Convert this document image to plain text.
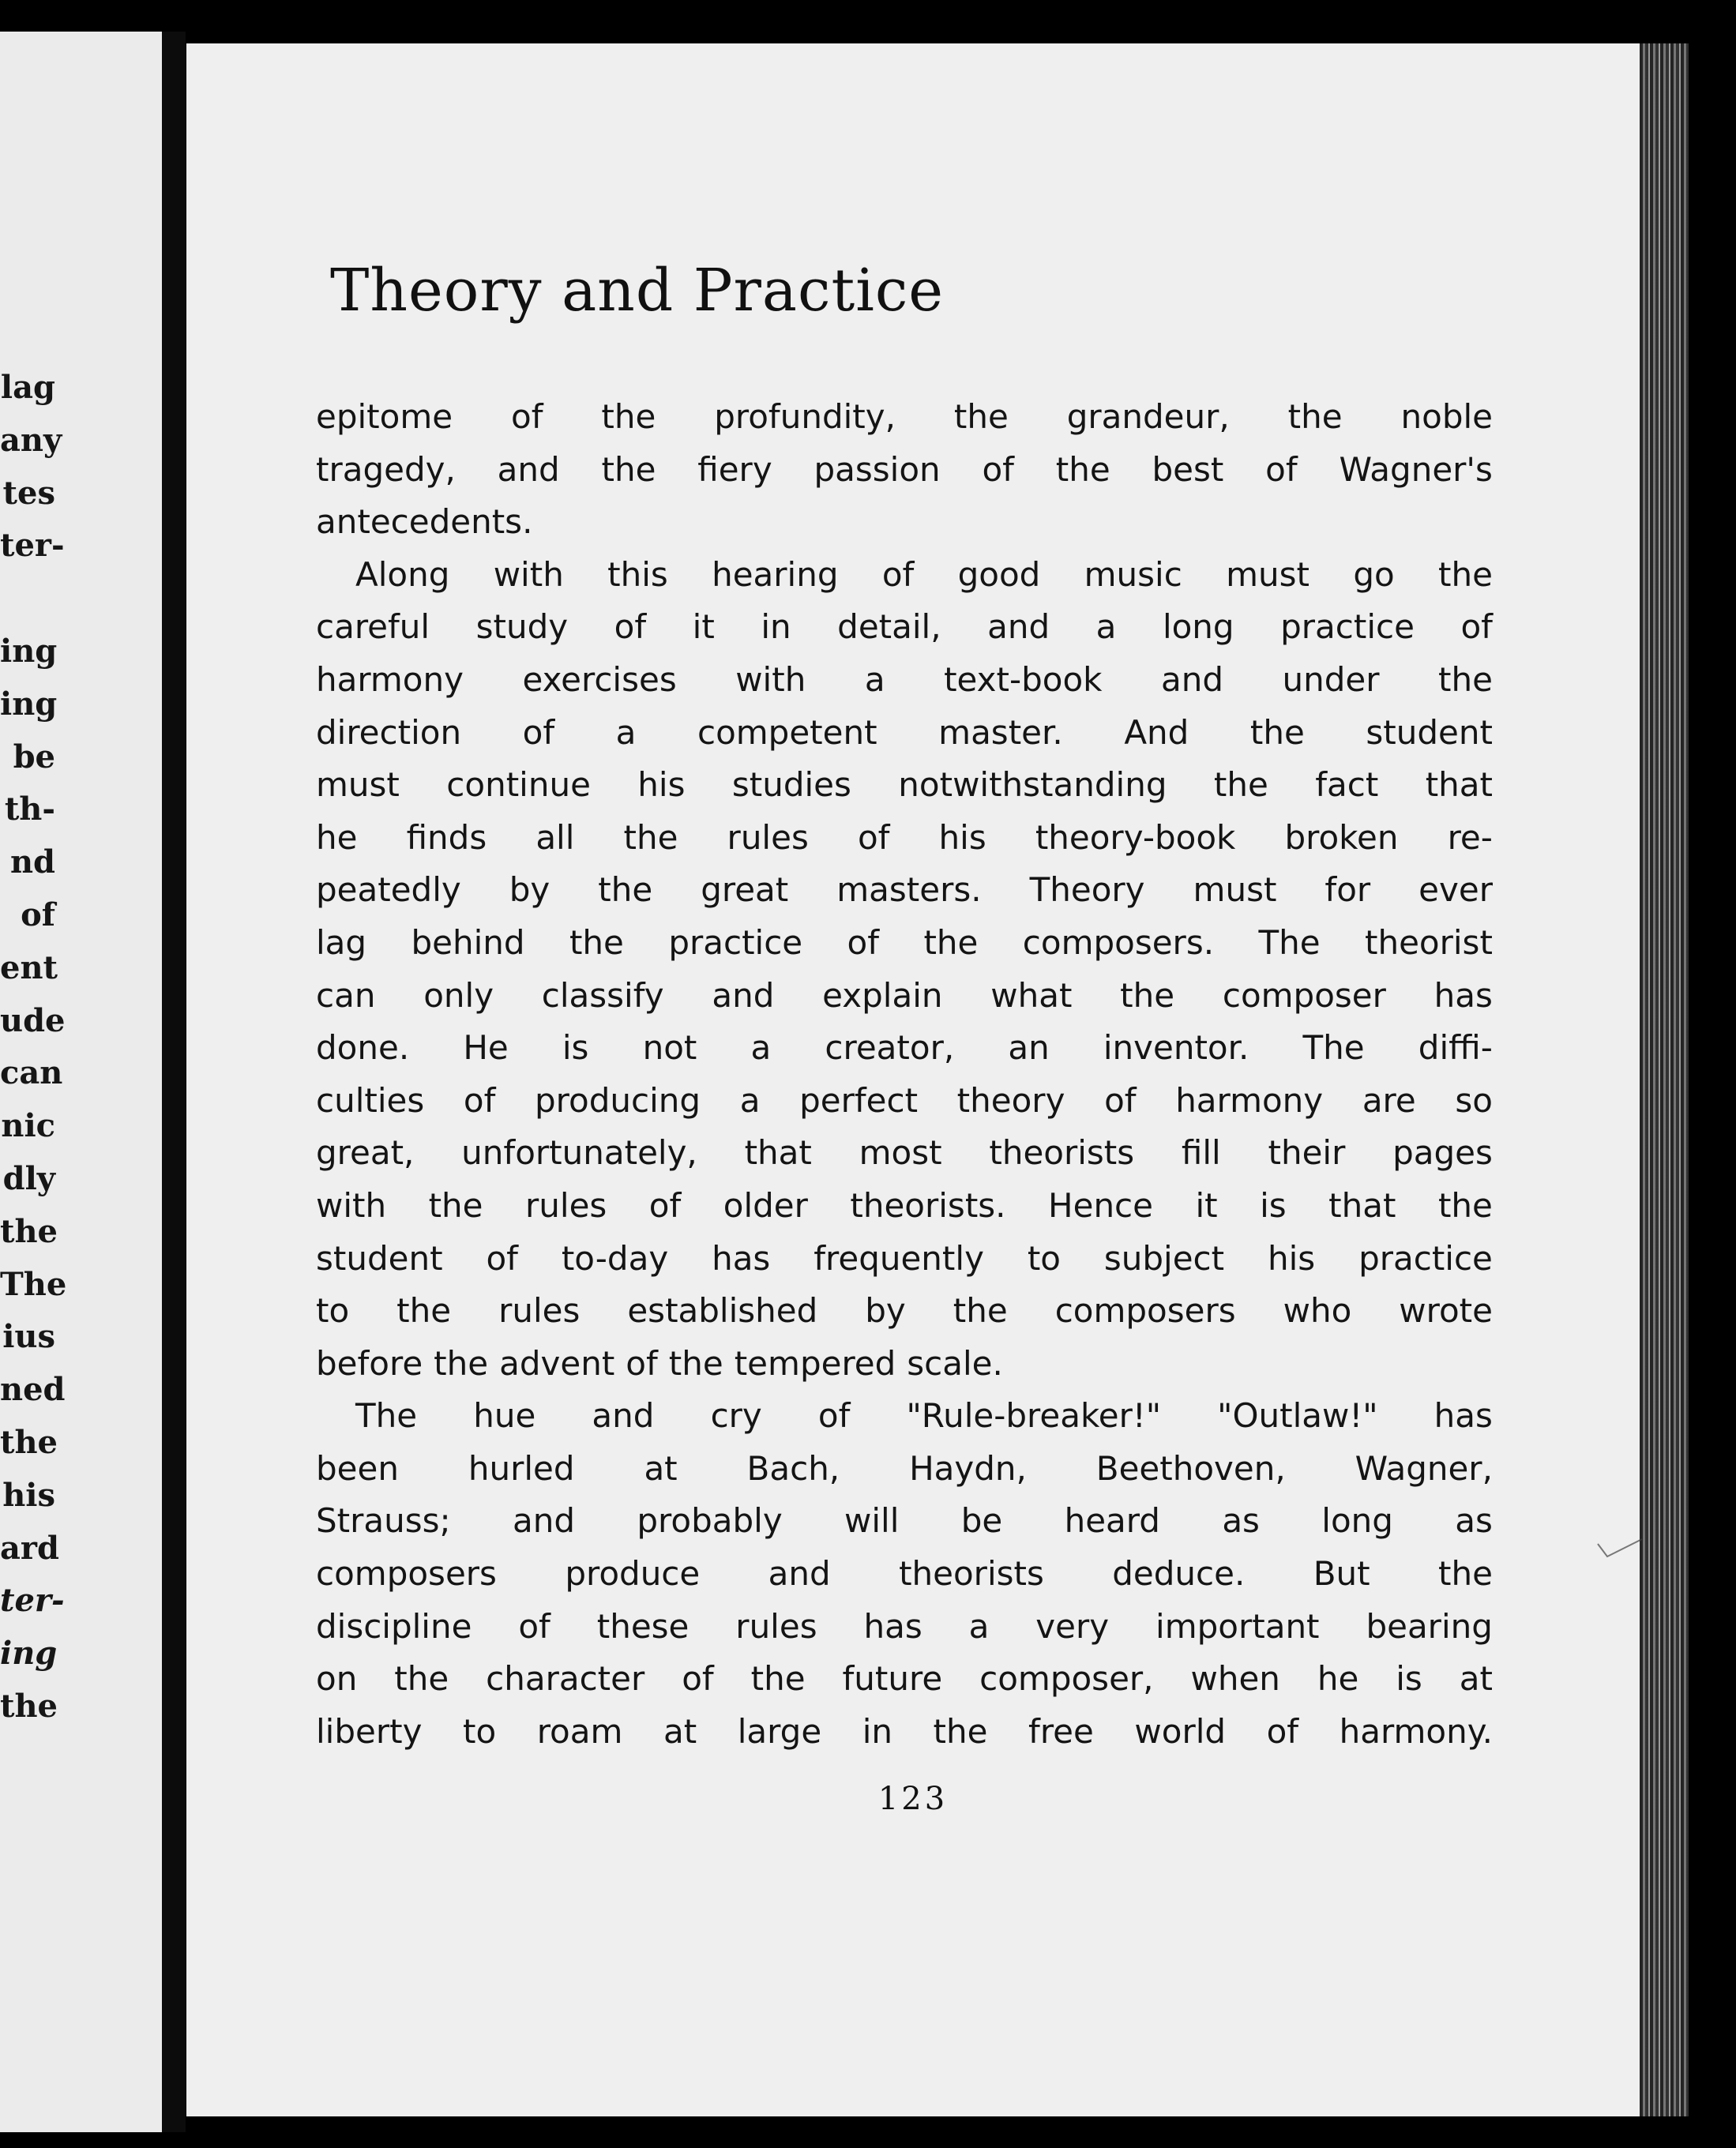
lag
any
tes
ter-
ing
ing
be
th-
nd
of
ent
ude
can
nic
dly
the
The
ius
ned
the
his
ard
ter-
ing
the
Theory and Practice
epitome of the profundity, the grandeur, the noble
tragedy, and the fiery passion of the best of Wagner's
antecedents.
Along with this hearing of good music must go the
careful study of it in detail, and a long practice of
harmony exercises with a text-book and under the
direction of a competent master. And the student
must continue his studies notwithstanding the fact that
he finds all the rules of his theory-book broken re-
peatedly by the great masters. Theory must for ever
lag behind the practice of the composers. The theorist
can only classify and explain what the composer has
done. He is not a creator, an inventor. The diffi-
culties of producing a perfect theory of harmony are so
great, unfortunately, that most theorists fill their pages
with the rules of older theorists. Hence it is that the
student of to-day has frequently to subject his practice
to the rules established by the composers who wrote
before the advent of the tempered scale.
The hue and cry of "Rule-breaker!" "Outlaw!" has
been hurled at Bach, Haydn, Beethoven, Wagner,
Strauss; and probably will be heard as long as
composers produce and theorists deduce. But the
discipline of these rules has a very important bearing
on the character of the future composer, when he is at
liberty to roam at large in the free world of harmony.
123
